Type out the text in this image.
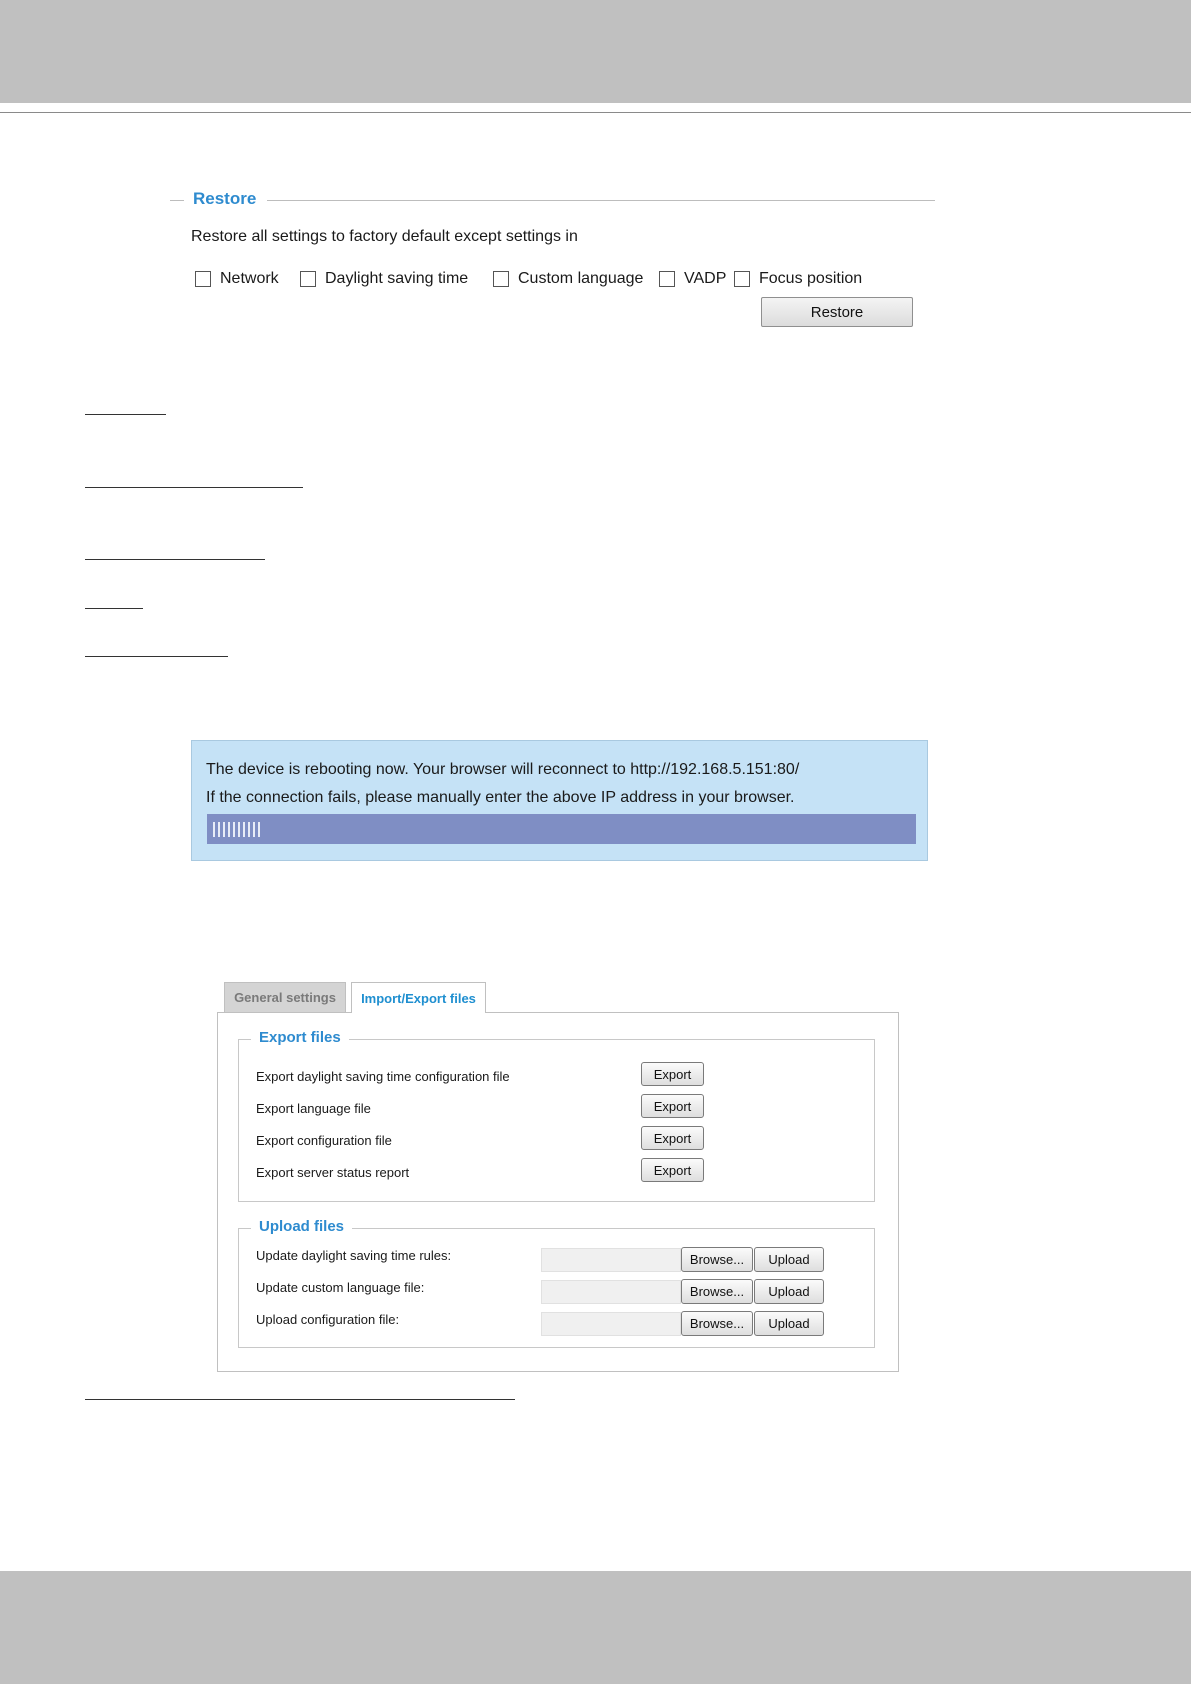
Restore
Restore all settings to factory default except settings in
Network	Daylight saving time	Custom language	VADP Focus position
Restore
The device is rebooting now. Your browser will reconnect to http://192.168.5.151:80/
If the connection fails, please manually enter the above IP address in your browser.
General settings	Import/Export files
Export files
Export daylight saving time configuration file	Export
Export language file	Export
Export configuration file	Export
Export server status report	Export
Upload files
Update daylight saving time rules:	Browse...	Upload
Update custom language file:	Browse...	Upload
Upload configuration file:	Browse...	Upload
